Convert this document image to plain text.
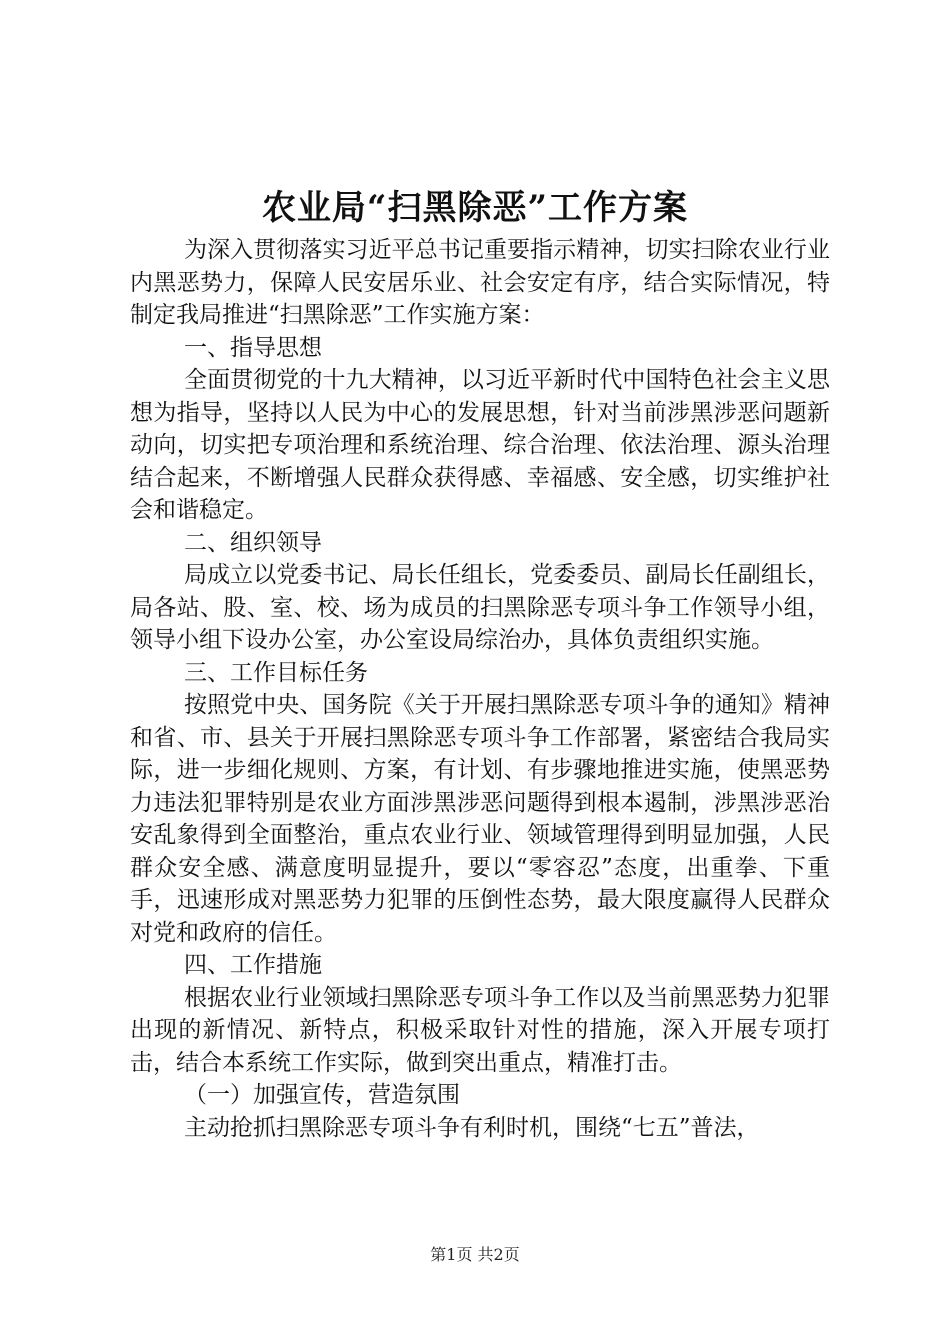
农业局“扫黑除恶”工作方案

为深入贯彻落实习近平总书记重要指示精神，切实扫除农业行业内黑恶势力，保障人民安居乐业、社会安定有序，结合实际情况，特制定我局推进“扫黑除恶”工作实施方案：

一、指导思想

全面贯彻党的十九大精神，以习近平新时代中国特色社会主义思想为指导，坚持以人民为中心的发展思想，针对当前涉黑涉恶问题新动向，切实把专项治理和系统治理、综合治理、依法治理、源头治理结合起来，不断增强人民群众获得感、幸福感、安全感，切实维护社会和谐稳定。

二、组织领导

局成立以党委书记、局长任组长，党委委员、副局长任副组长，局各站、股、室、校、场为成员的扫黑除恶专项斗争工作领导小组，领导小组下设办公室，办公室设局综治办，具体负责组织实施。

三、工作目标任务

按照党中央、国务院《关于开展扫黑除恶专项斗争的通知》精神和省、市、县关于开展扫黑除恶专项斗争工作部署，紧密结合我局实际，进一步细化规则、方案，有计划、有步骤地推进实施，使黑恶势力违法犯罪特别是农业方面涉黑涉恶问题得到根本遏制，涉黑涉恶治安乱象得到全面整治，重点农业行业、领域管理得到明显加强，人民群众安全感、满意度明显提升，要以“零容忍”态度，出重拳、下重手，迅速形成对黑恶势力犯罪的压倒性态势，最大限度赢得人民群众对党和政府的信任。

四、工作措施

根据农业行业领域扫黑除恶专项斗争工作以及当前黑恶势力犯罪出现的新情况、新特点，积极采取针对性的措施，深入开展专项打击，结合本系统工作实际，做到突出重点，精准打击。

（一）加强宣传，营造氛围

主动抢抓扫黑除恶专项斗争有利时机，围绕“七五”普法，

第1页 共2页
